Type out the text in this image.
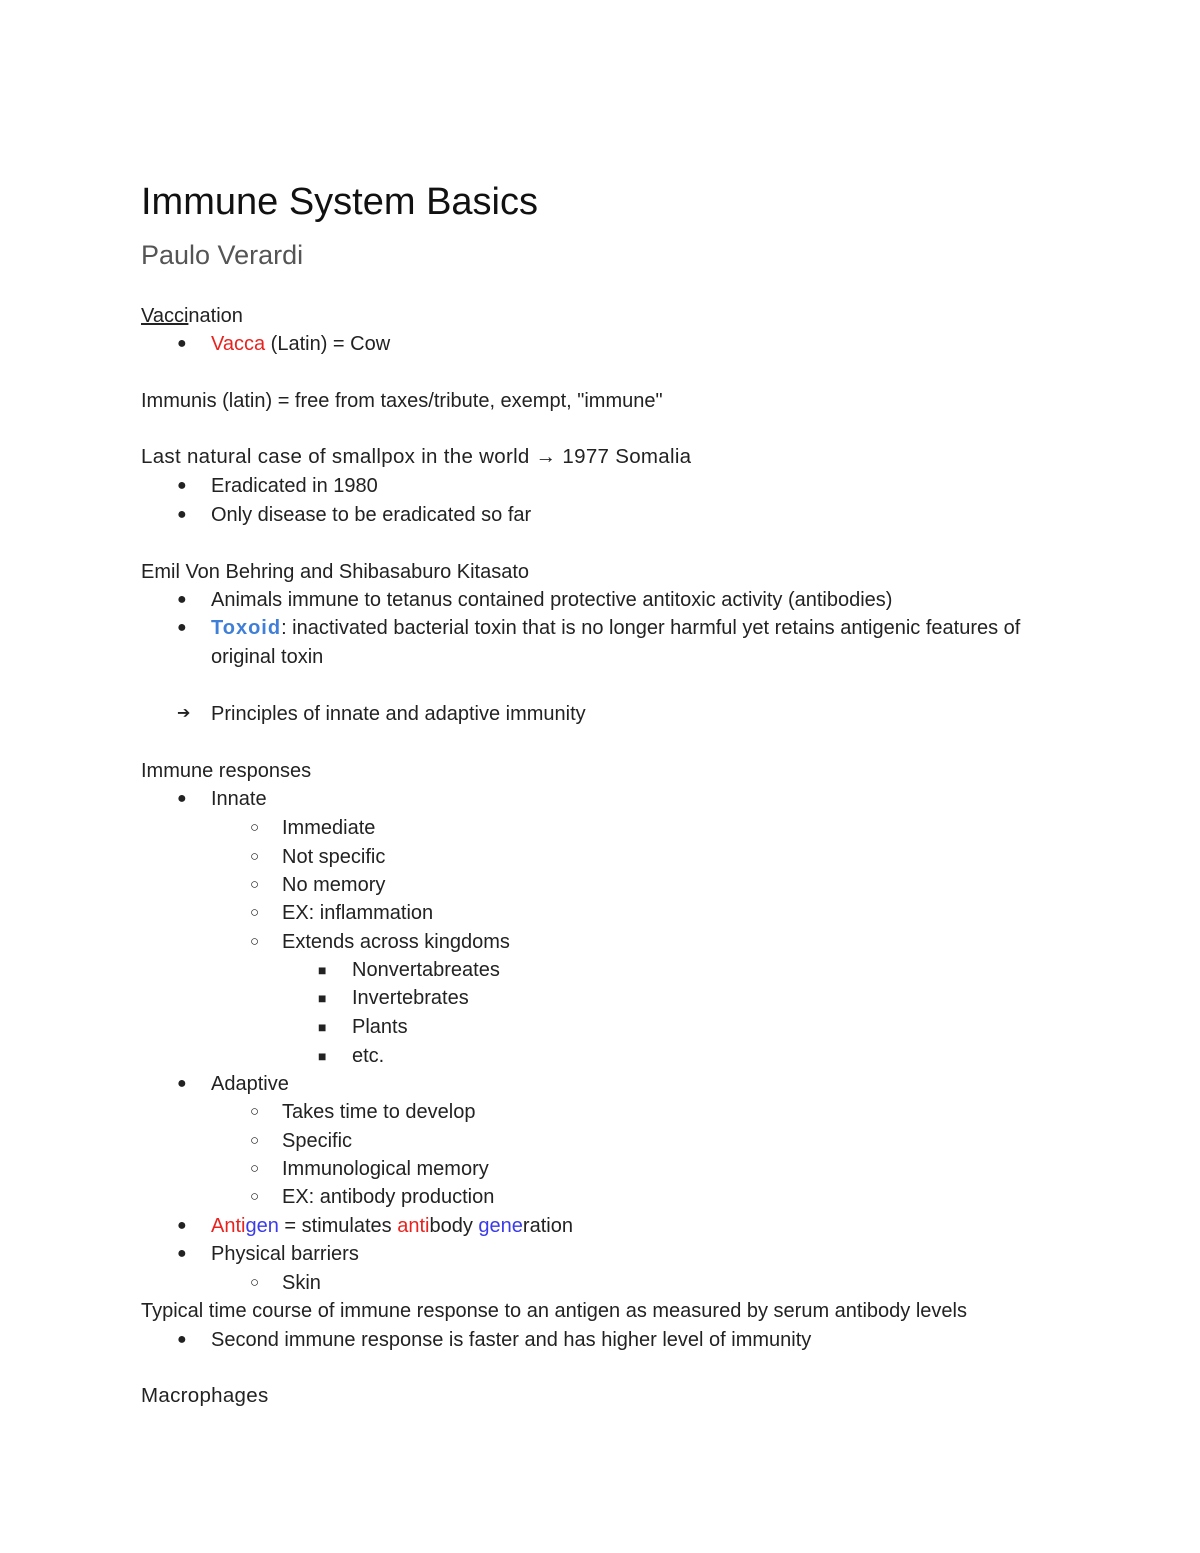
Immune System Basics
Paulo Verardi
Vaccination
● Vacca (Latin) = Cow
Immunis (latin) = free from taxes/tribute, exempt, "immune"
Last natural case of smallpox in the world → 1977 Somalia
● Eradicated in 1980
● Only disease to be eradicated so far
Emil Von Behring and Shibasaburo Kitasato
● Animals immune to tetanus contained protective antitoxic activity (antibodies)
● Toxoid: inactivated bacterial toxin that is no longer harmful yet retains antigenic features of original toxin
➔ Principles of innate and adaptive immunity
Immune responses
● Innate
○ Immediate
○ Not specific
○ No memory
○ EX: inflammation
○ Extends across kingdoms
■ Nonvertabreates
■ Invertebrates
■ Plants
■ etc.
● Adaptive
○ Takes time to develop
○ Specific
○ Immunological memory
○ EX: antibody production
● Antigen = stimulates antibody generation
● Physical barriers
○ Skin
Typical time course of immune response to an antigen as measured by serum antibody levels
● Second immune response is faster and has higher level of immunity
Macrophages
